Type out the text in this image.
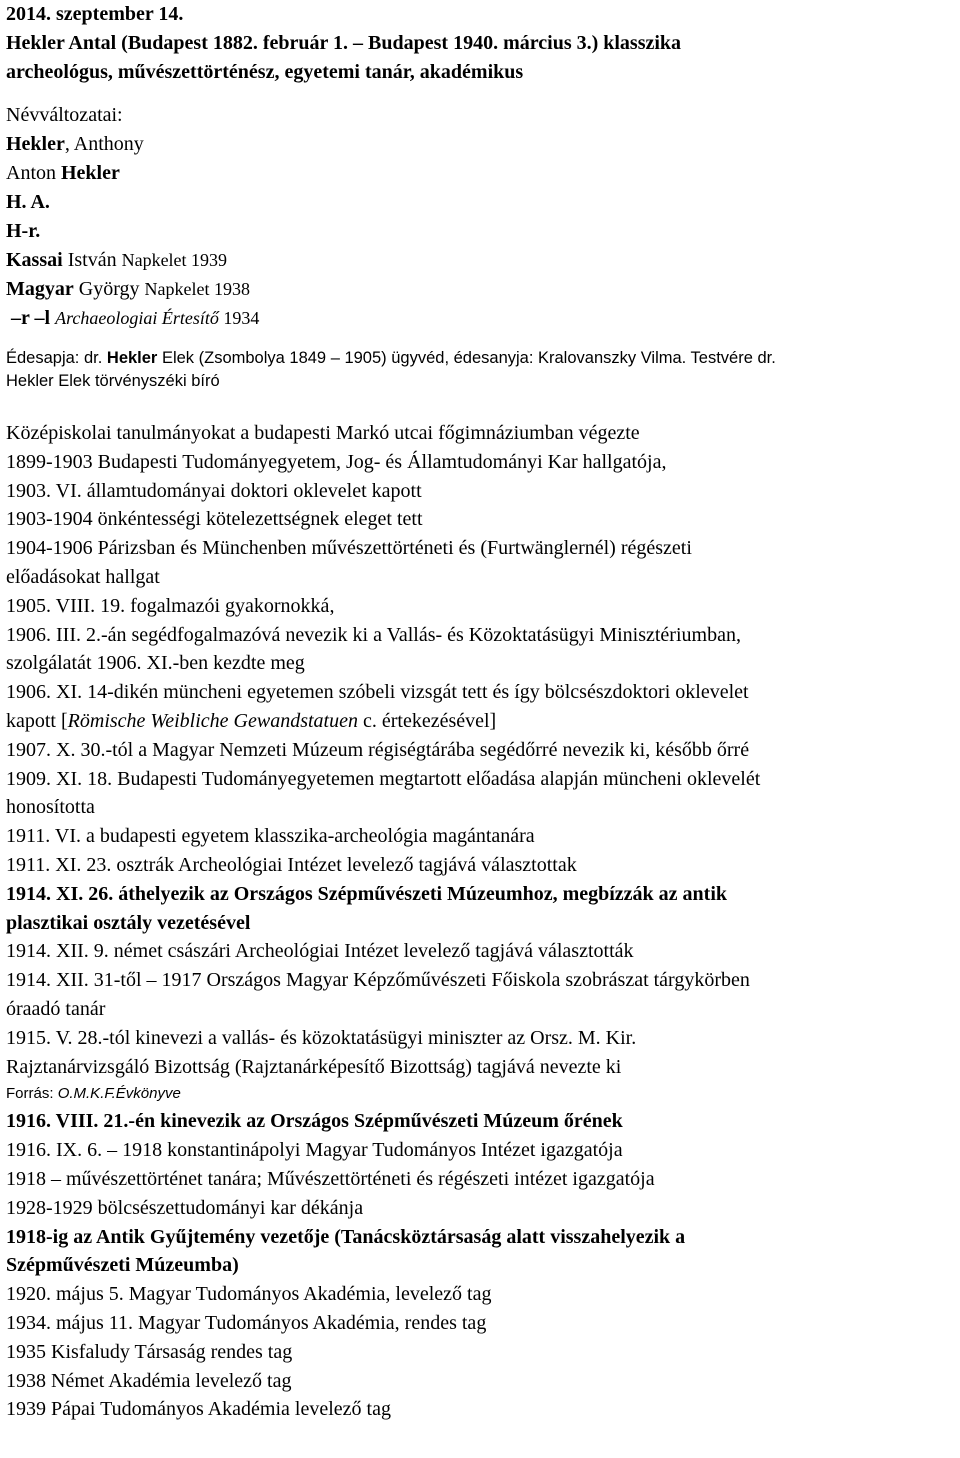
2014. szeptember 14.
Hekler Antal (Budapest 1882. február 1. – Budapest 1940. március 3.) klasszika
archeológus, művészettörténész, egyetemi tanár, akadémikus
Névváltozatai:
Hekler, Anthony
Anton Hekler
H. A.
H-r.
Kassai István Napkelet 1939
Magyar György Napkelet 1938
–r –l Archaeologiai Értesítő 1934
Édesapja: dr. Hekler Elek (Zsombolya 1849 – 1905) ügyvéd, édesanyja: Kralovanszky Vilma. Testvére dr.
Hekler Elek törvényszéki bíró
Középiskolai tanulmányokat a budapesti Markó utcai főgimnáziumban végezte
1899-1903 Budapesti Tudományegyetem, Jog- és Államtudományi Kar hallgatója,
1903. VI. államtudományai doktori oklevelet kapott
1903-1904 önkéntességi kötelezettségnek eleget tett
1904-1906 Párizsban és Münchenben művészettörténeti és (Furtwänglernél) régészeti
előadásokat hallgat
1905. VIII. 19. fogalmazói gyakornokká,
1906. III. 2.-án segédfogalmazóvá nevezik ki a Vallás- és Közoktatásügyi Minisztériumban,
szolgálatát 1906. XI.-ben kezdte meg
1906. XI. 14-dikén müncheni egyetemen szóbeli vizsgát tett és így bölcsészdoktori oklevelet
kapott [Römische Weibliche Gewandstatuen c. értekezésével]
1907. X. 30.-tól a Magyar Nemzeti Múzeum régiségtárába segédőrré nevezik ki, később őrré
1909. XI. 18. Budapesti Tudományegyetemen megtartott előadása alapján müncheni oklevelét
honosította
1911. VI. a budapesti egyetem klasszika-archeológia magántanára
1911. XI. 23. osztrák Archeológiai Intézet levelező tagjává választottak
1914. XI. 26. áthelyezik az Országos Szépművészeti Múzeumhoz, megbízzák az antik
plasztikai osztály vezetésével
1914. XII. 9. német császári Archeológiai Intézet levelező tagjává választották
1914. XII. 31-től – 1917 Országos Magyar Képzőművészeti Főiskola szobrászat tárgykörben
óraadó tanár
1915. V. 28.-tól kinevezi a vallás- és közoktatásügyi miniszter az Orsz. M. Kir.
Rajztanárvizsgáló Bizottság (Rajztanárképesítő Bizottság) tagjává nevezte ki
Forrás: O.M.K.F.Évkönyve
1916. VIII. 21.-én kinevezik az Országos Szépművészeti Múzeum őrének
1916. IX. 6. – 1918 konstantinápolyi Magyar Tudományos Intézet igazgatója
1918 – művészettörténet tanára; Művészettörténeti és régészeti intézet igazgatója
1928-1929 bölcsészettudományi kar dékánja
1918-ig az Antik Gyűjtemény vezetője (Tanácsköztársaság alatt visszahelyezik a
Szépművészeti Múzeumba)
1920. május 5. Magyar Tudományos Akadémia, levelező tag
1934. május 11. Magyar Tudományos Akadémia, rendes tag
1935 Kisfaludy Társaság rendes tag
1938 Német Akadémia levelező tag
1939 Pápai Tudományos Akadémia levelező tag
